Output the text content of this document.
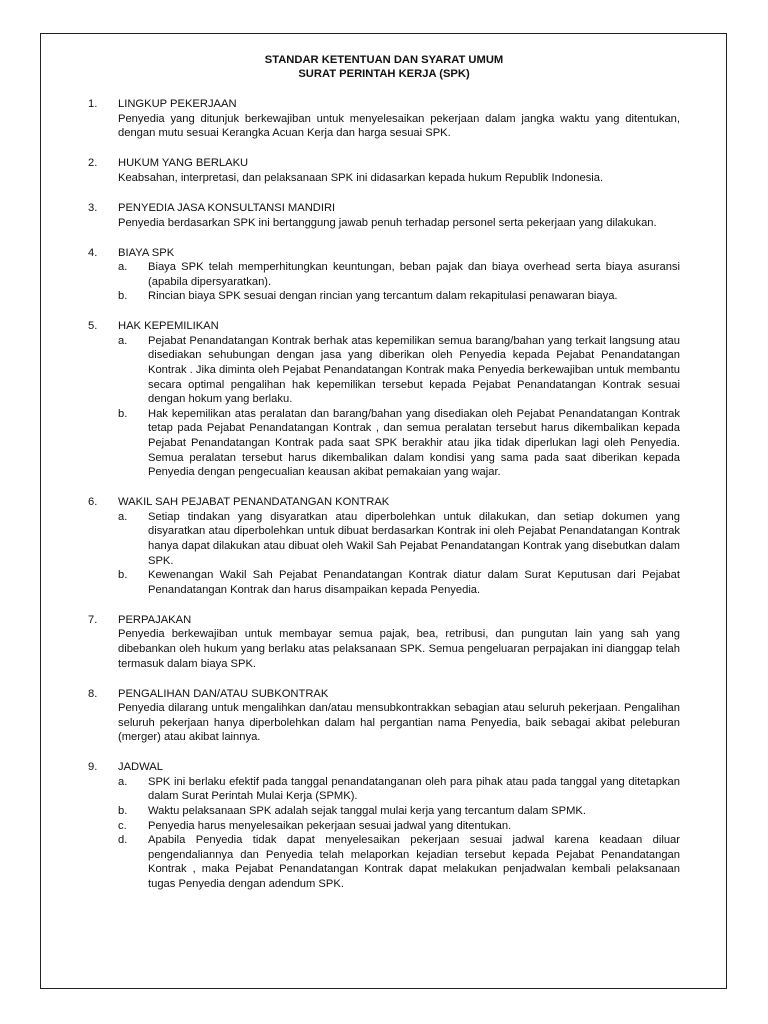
STANDAR KETENTUAN DAN SYARAT UMUM
SURAT PERINTAH KERJA (SPK)
1. LINGKUP PEKERJAAN
Penyedia yang ditunjuk berkewajiban untuk menyelesaikan pekerjaan dalam jangka waktu yang ditentukan, dengan mutu sesuai Kerangka Acuan Kerja dan harga sesuai SPK.
2. HUKUM YANG BERLAKU
Keabsahan, interpretasi, dan pelaksanaan SPK ini didasarkan kepada hukum Republik Indonesia.
3. PENYEDIA JASA KONSULTANSI MANDIRI
Penyedia berdasarkan SPK ini bertanggung jawab penuh terhadap personel serta pekerjaan yang dilakukan.
4. BIAYA SPK
a. Biaya SPK telah memperhitungkan keuntungan, beban pajak dan biaya overhead serta biaya asuransi (apabila dipersyaratkan).
b. Rincian biaya SPK sesuai dengan rincian yang tercantum dalam rekapitulasi penawaran biaya.
5. HAK KEPEMILIKAN
a. Pejabat Penandatangan Kontrak berhak atas kepemilikan semua barang/bahan yang terkait langsung atau disediakan sehubungan dengan jasa yang diberikan oleh Penyedia kepada Pejabat Penandatangan Kontrak . Jika diminta oleh Pejabat Penandatangan Kontrak maka Penyedia berkewajiban untuk membantu secara optimal pengalihan hak kepemilikan tersebut kepada Pejabat Penandatangan Kontrak sesuai dengan hokum yang berlaku.
b. Hak kepemilikan atas peralatan dan barang/bahan yang disediakan oleh Pejabat Penandatangan Kontrak tetap pada Pejabat Penandatangan Kontrak , dan semua peralatan tersebut harus dikembalikan kepada Pejabat Penandatangan Kontrak pada saat SPK berakhir atau jika tidak diperlukan lagi oleh Penyedia. Semua peralatan tersebut harus dikembalikan dalam kondisi yang sama pada saat diberikan kepada Penyedia dengan pengecualian keausan akibat pemakaian yang wajar.
6. WAKIL SAH PEJABAT PENANDATANGAN KONTRAK
a. Setiap tindakan yang disyaratkan atau diperbolehkan untuk dilakukan, dan setiap dokumen yang disyaratkan atau diperbolehkan untuk dibuat berdasarkan Kontrak ini oleh Pejabat Penandatangan Kontrak hanya dapat dilakukan atau dibuat oleh Wakil Sah Pejabat Penandatangan Kontrak yang disebutkan dalam SPK.
b. Kewenangan Wakil Sah Pejabat Penandatangan Kontrak diatur dalam Surat Keputusan dari Pejabat Penandatangan Kontrak dan harus disampaikan kepada Penyedia.
7. PERPAJAKAN
Penyedia berkewajiban untuk membayar semua pajak, bea, retribusi, dan pungutan lain yang sah yang dibebankan oleh hukum yang berlaku atas pelaksanaan SPK. Semua pengeluaran perpajakan ini dianggap telah termasuk dalam biaya SPK.
8. PENGALIHAN DAN/ATAU SUBKONTRAK
Penyedia dilarang untuk mengalihkan dan/atau mensubkontrakkan sebagian atau seluruh pekerjaan. Pengalihan seluruh pekerjaan hanya diperbolehkan dalam hal pergantian nama Penyedia, baik sebagai akibat peleburan (merger) atau akibat lainnya.
9. JADWAL
a. SPK ini berlaku efektif pada tanggal penandatanganan oleh para pihak atau pada tanggal yang ditetapkan dalam Surat Perintah Mulai Kerja (SPMK).
b. Waktu pelaksanaan SPK adalah sejak tanggal mulai kerja yang tercantum dalam SPMK.
c. Penyedia harus menyelesaikan pekerjaan sesuai jadwal yang ditentukan.
d. Apabila Penyedia tidak dapat menyelesaikan pekerjaan sesuai jadwal karena keadaan diluar pengendaliannya dan Penyedia telah melaporkan kejadian tersebut kepada Pejabat Penandatangan Kontrak , maka Pejabat Penandatangan Kontrak dapat melakukan penjadwalan kembali pelaksanaan tugas Penyedia dengan adendum SPK.
